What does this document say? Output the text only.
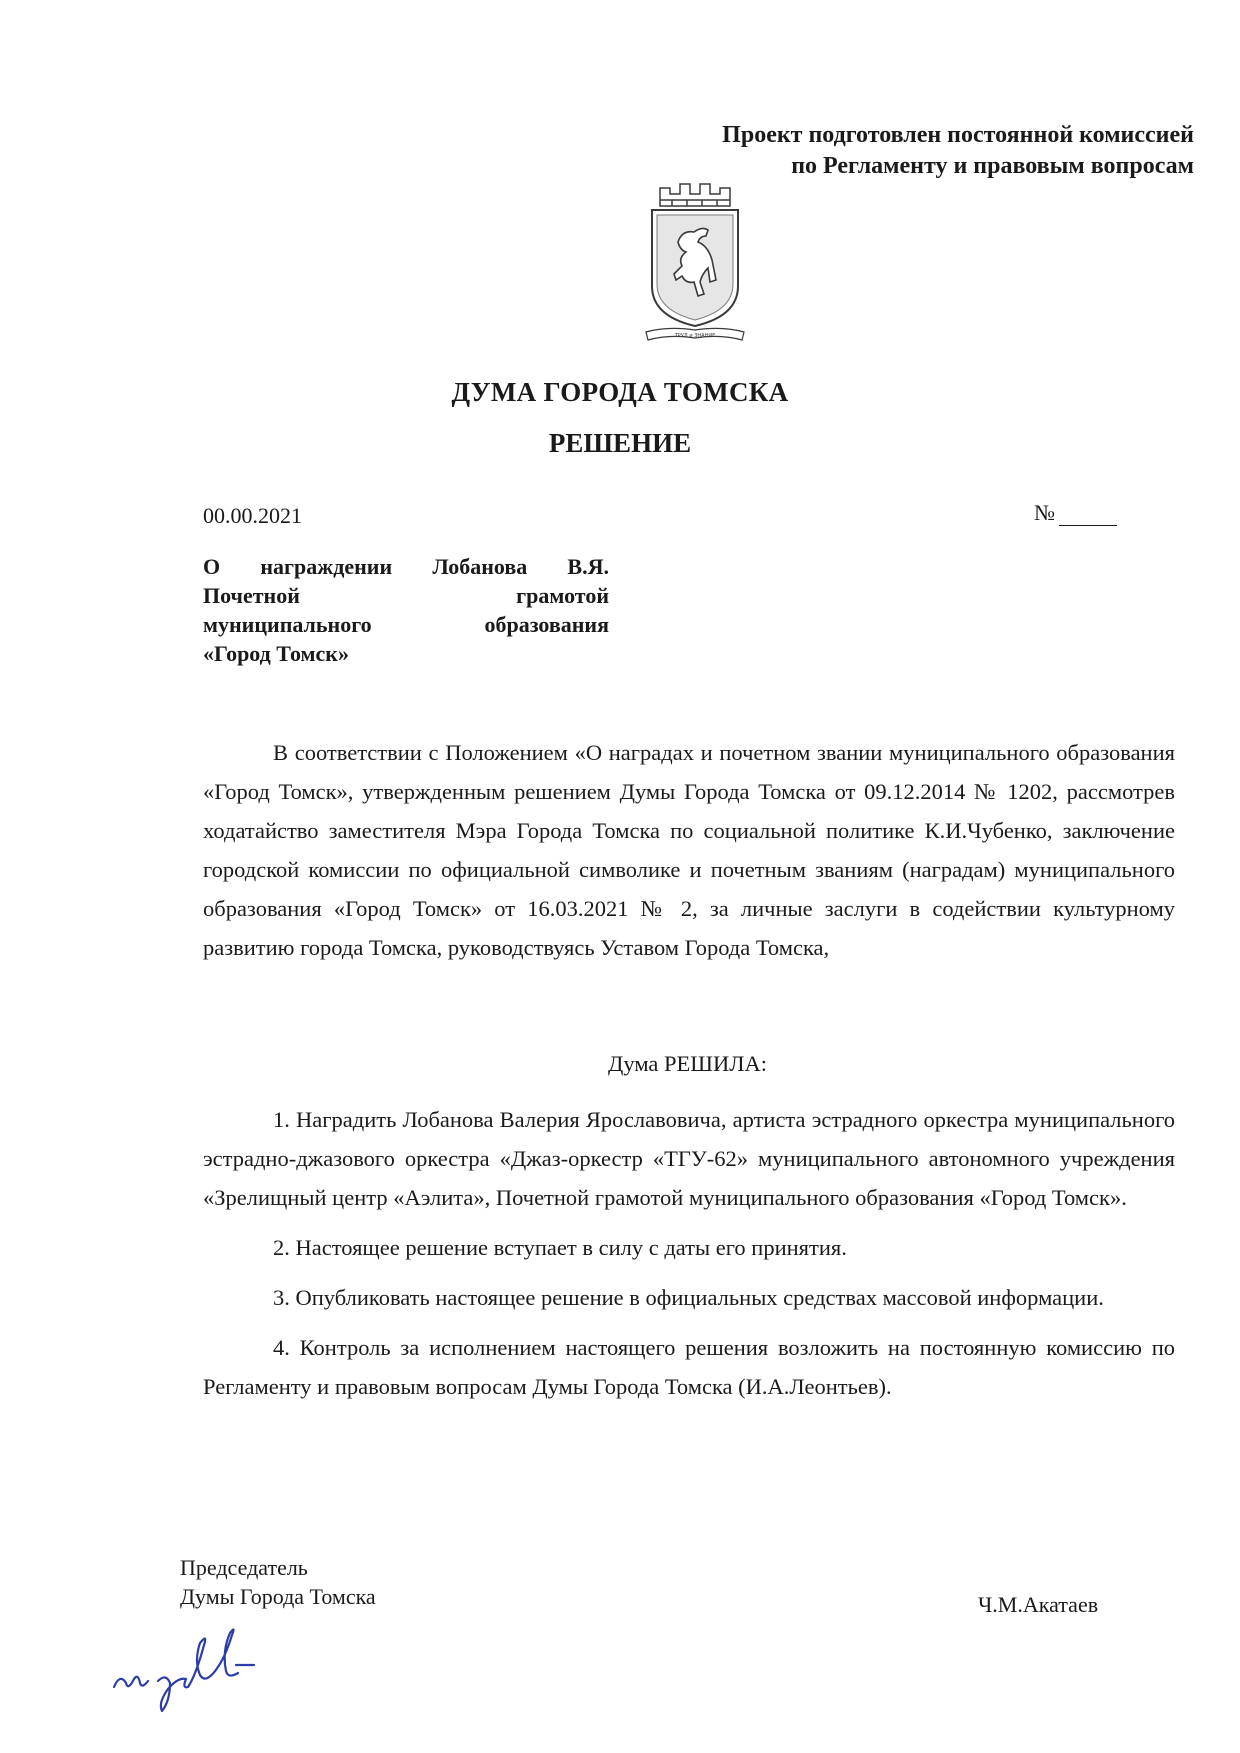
Проект подготовлен постоянной комиссией
по Регламенту и правовым вопросам
ТРУД и ЗНАНИЕ
ДУМА ГОРОДА ТОМСКА
РЕШЕНИЕ
00.00.2021	№
О награждении Лобанова В.Я.
Почетной	грамотой
муниципального	образования
«Город Томск»

В соответствии с Положением «О наградах и почетном звании муниципального образования «Город Томск», утвержденным решением Думы Города Томска от 09.12.2014 № 1202, рассмотрев ходатайство заместителя Мэра Города Томска по социальной политике К.И.Чубенко, заключение городской комиссии по официальной символике и почетным званиям (наградам) муниципального образования «Город Томск» от 16.03.2021 № 2, за личные заслуги в содействии культурному развитию города Томска, руководствуясь Уставом Города Томска,

Дума РЕШИЛА:

1. Наградить Лобанова Валерия Ярославовича, артиста эстрадного оркестра муниципального эстрадно-джазового оркестра «Джаз-оркестр «ТГУ-62» муниципального автономного учреждения «Зрелищный центр «Аэлита», Почетной грамотой муниципального образования «Город Томск».

2. Настоящее решение вступает в силу с даты его принятия.

3. Опубликовать настоящее решение в официальных средствах массовой информации.

4. Контроль за исполнением настоящего решения возложить на постоянную комиссию по Регламенту и правовым вопросам Думы Города Томска (И.А.Леонтьев).

Председатель
Думы Города Томска	Ч.М.Акатаев
